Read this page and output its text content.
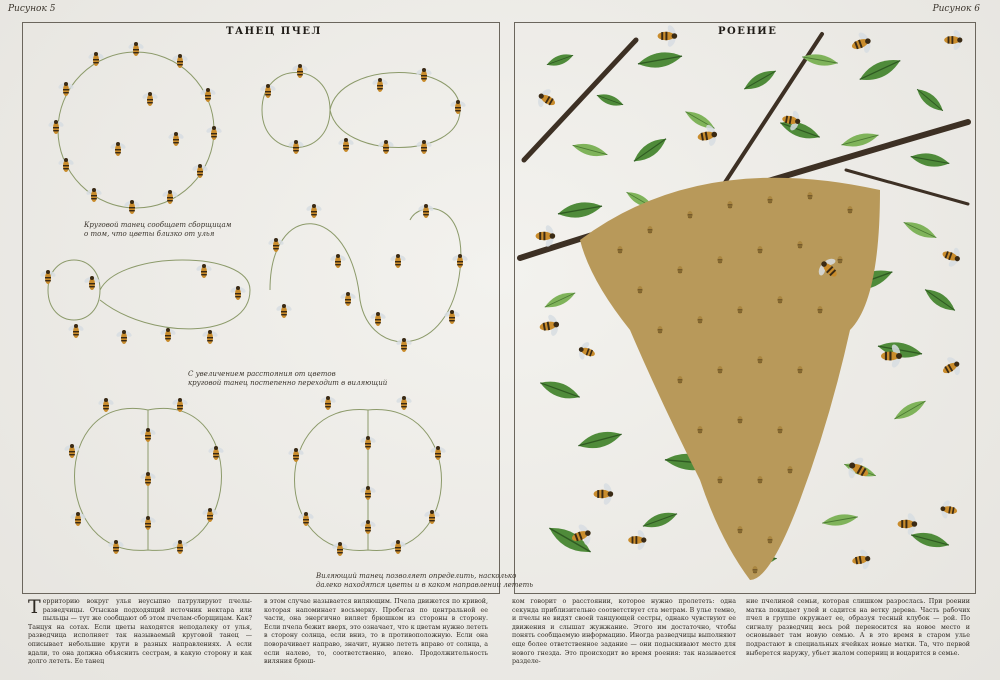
Рисунок 5	Рисунок 6
ТАНЕЦ ПЧЕЛ	РОЕНИЕ
Круговой танец сообщает сборщицам
о том, что цветы близко от улья
С увеличением расстояния от цветов
круговой танец постепенно переходит в виляющий
Виляющий танец позволяет определить, насколько
далеко находятся цветы и в каком направлении лететь
Территорию вокруг улья неусыпно патрулируют пчелы-разведчицы. Отыскав подходящий источник нектара или пыльцы — тут же сообщают об этом пчелам-сборщицам. Как? Танцуя на сотах. Если цветы находятся неподалеку от улья, разведчица исполняет так называемый круговой танец — описывает небольшие круги в разных направлениях. А если вдали, то она должна объяснить сестрам, в какую сторону и как долго лететь. Ее танец
в этом случае называется виляющим. Пчела движется по кривой, которая напоминает восьмерку. Пробегая по центральной ее части, она энергично виляет брюшком из стороны в сторону. Если пчела бежит вверх, это означает, что к цветам нужно лететь в сторону солнца, если вниз, то в противоположную. Если она поворачивает направо, значит, нужно лететь вправо от солнца, а если налево, то, соответственно, влево. Продолжительность виляния брюш-
ком говорит о расстоянии, которое нужно пролететь: одна секунда приблизительно соответствует ста метрам. В улье темно, и пчелы не видят своей танцующей сестры, однако чувствуют ее движения и слышат жужжание. Этого им достаточно, чтобы понять сообщаемую информацию. Иногда разведчицы выполняют еще более ответственное задание — они подыскивают место для нового гнезда. Это происходит во время роения: так называется разделе-
ние пчелиной семьи, которая слишком разрослась. При роении матка покидает улей и садится на ветку дерева. Часть рабочих пчел в группе окружает ее, образуя тесный клубок — рой. По сигналу разведчиц весь рой переносится на новое место и основывает там новую семью. А в это время в старом улье подрастают в специальных ячейках новые матки. Та, что первой выберется наружу, убьет жалом соперниц и воцарится в семье.
